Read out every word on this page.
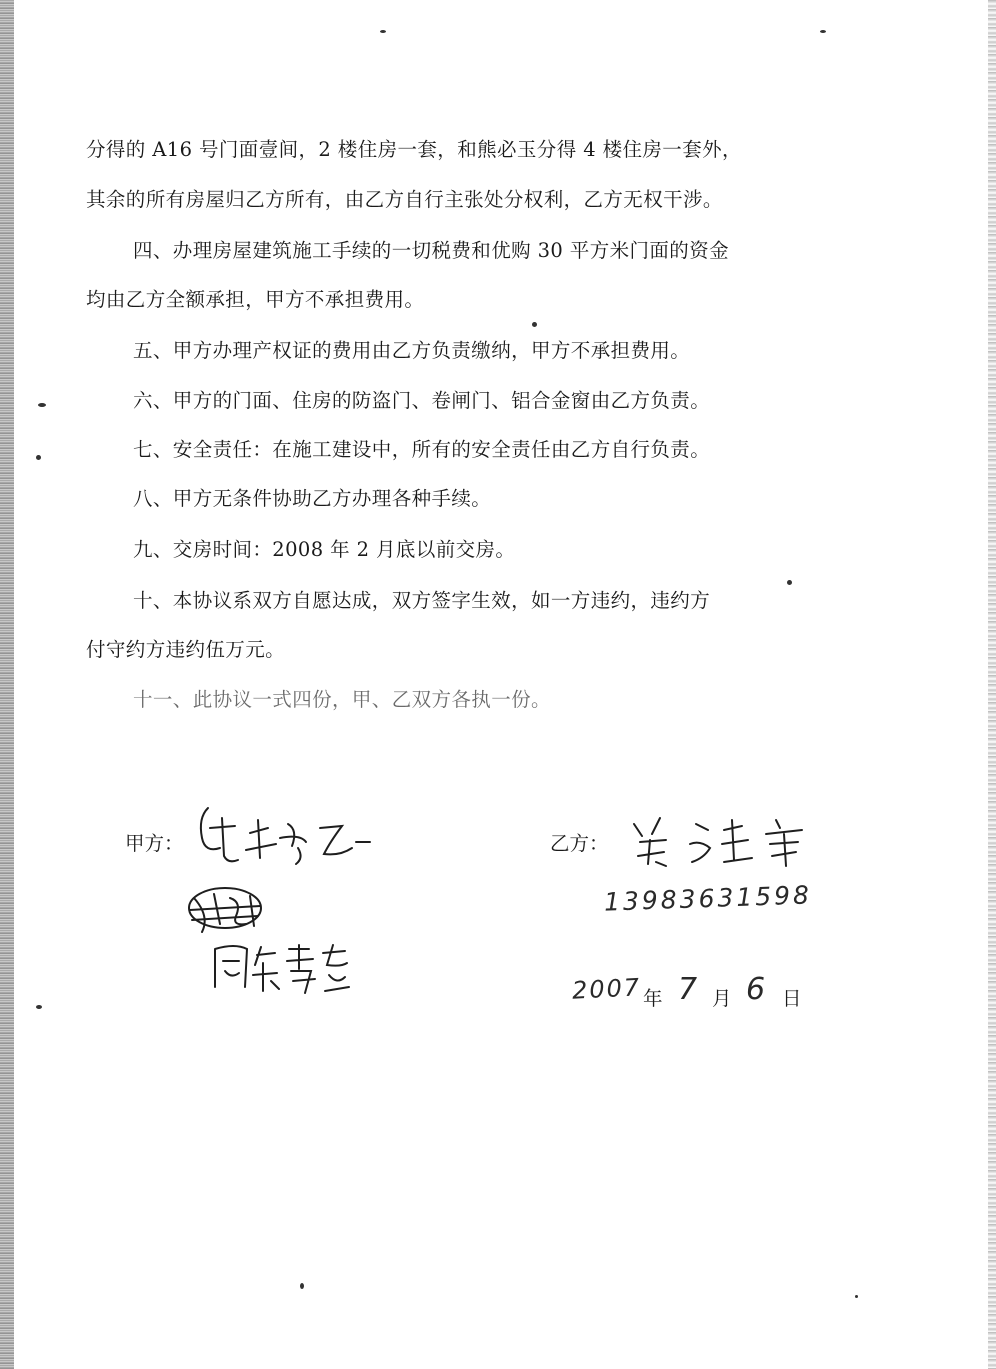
分得的 A16 号门面壹间，2 楼住房一套，和熊必玉分得 4 楼住房一套外，
其余的所有房屋归乙方所有，由乙方自行主张处分权利，乙方无权干涉。
四、办理房屋建筑施工手续的一切税费和优购 30 平方米门面的资金
均由乙方全额承担，甲方不承担费用。
五、甲方办理产权证的费用由乙方负责缴纳，甲方不承担费用。
六、甲方的门面、住房的防盗门、卷闸门、铝合金窗由乙方负责。
七、安全责任：在施工建设中，所有的安全责任由乙方自行负责。
八、甲方无条件协助乙方办理各种手续。
九、交房时间：2008 年 2 月底以前交房。
十、本协议系双方自愿达成，双方签字生效，如一方违约，违约方
付守约方违约伍万元。
十一、此协议一式四份，甲、乙双方各执一份。
甲方：	乙方：
13983631598
2007 年 7 月 6 日
